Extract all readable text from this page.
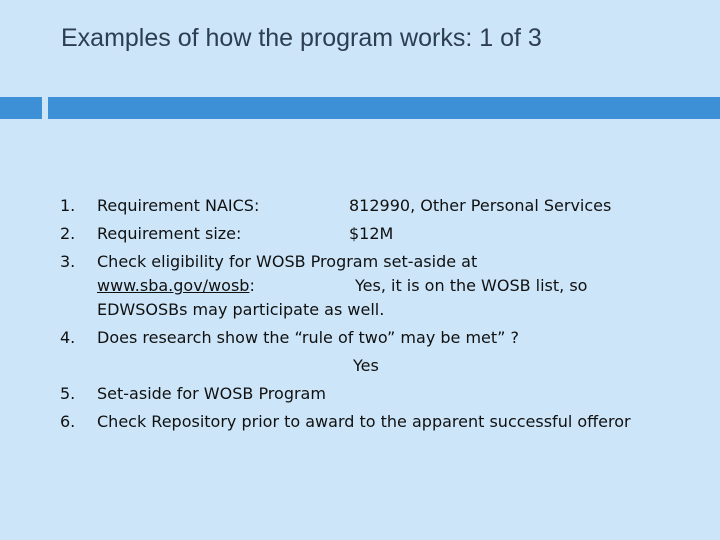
Examples of how the program works: 1 of 3
1. Requirement NAICS:	812990, Other Personal Services
2. Requirement size:	$12M
3. Check eligibility for WOSB Program set-aside at
www.sba.gov/wosb:	Yes, it is on the WOSB list, so
EDWSOSBs may participate as well.
4. Does research show the “rule of two” may be met” ?
Yes
5. Set-aside for WOSB Program
6. Check Repository prior to award to the apparent successful offeror
